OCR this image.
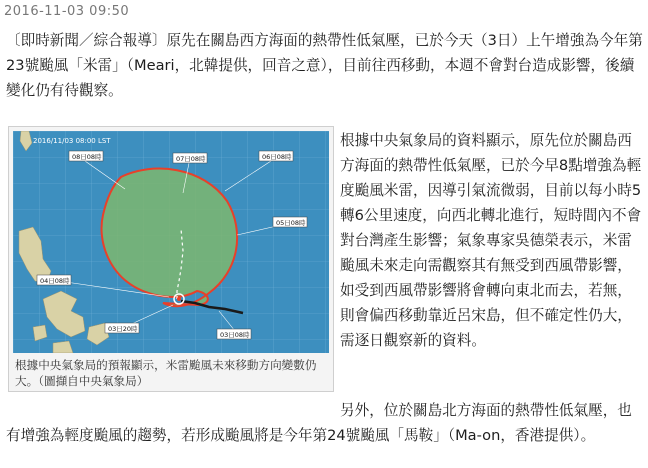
2016-11-03 09:50

〔即時新聞／綜合報導〕原先在關島西方海面的熱帶性低氣壓，已於今天（3日）上午增強為今年第23號颱風「米雷」（Meari，北韓提供，回音之意），目前往西移動，本週不會對台造成影響，後續變化仍有待觀察。

2016/11/03 08:00 LST
08日08時	07日08時	06日08時
05日08時
04日08時
03日20時
03日08時
根據中央氣象局的預報顯示，米雷颱風未來移動方向變數仍大。（圖擷自中央氣象局）

根據中央氣象局的資料顯示，原先位於關島西方海面的熱帶性低氣壓，已於今早8點增強為輕度颱風米雷，因導引氣流微弱，目前以每小時5轉6公里速度，向西北轉北進行，短時間內不會對台灣產生影響；氣象專家吳德榮表示，米雷颱風未來走向需觀察其有無受到西風帶影響，如受到西風帶影響將會轉向東北而去，若無，則會偏西移動靠近呂宋島，但不確定性仍大，需逐日觀察新的資料。

另外，位於關島北方海面的熱帶性低氣壓，也有增強為輕度颱風的趨勢，若形成颱風將是今年第24號颱風「馬鞍」（Ma-on，香港提供）。
